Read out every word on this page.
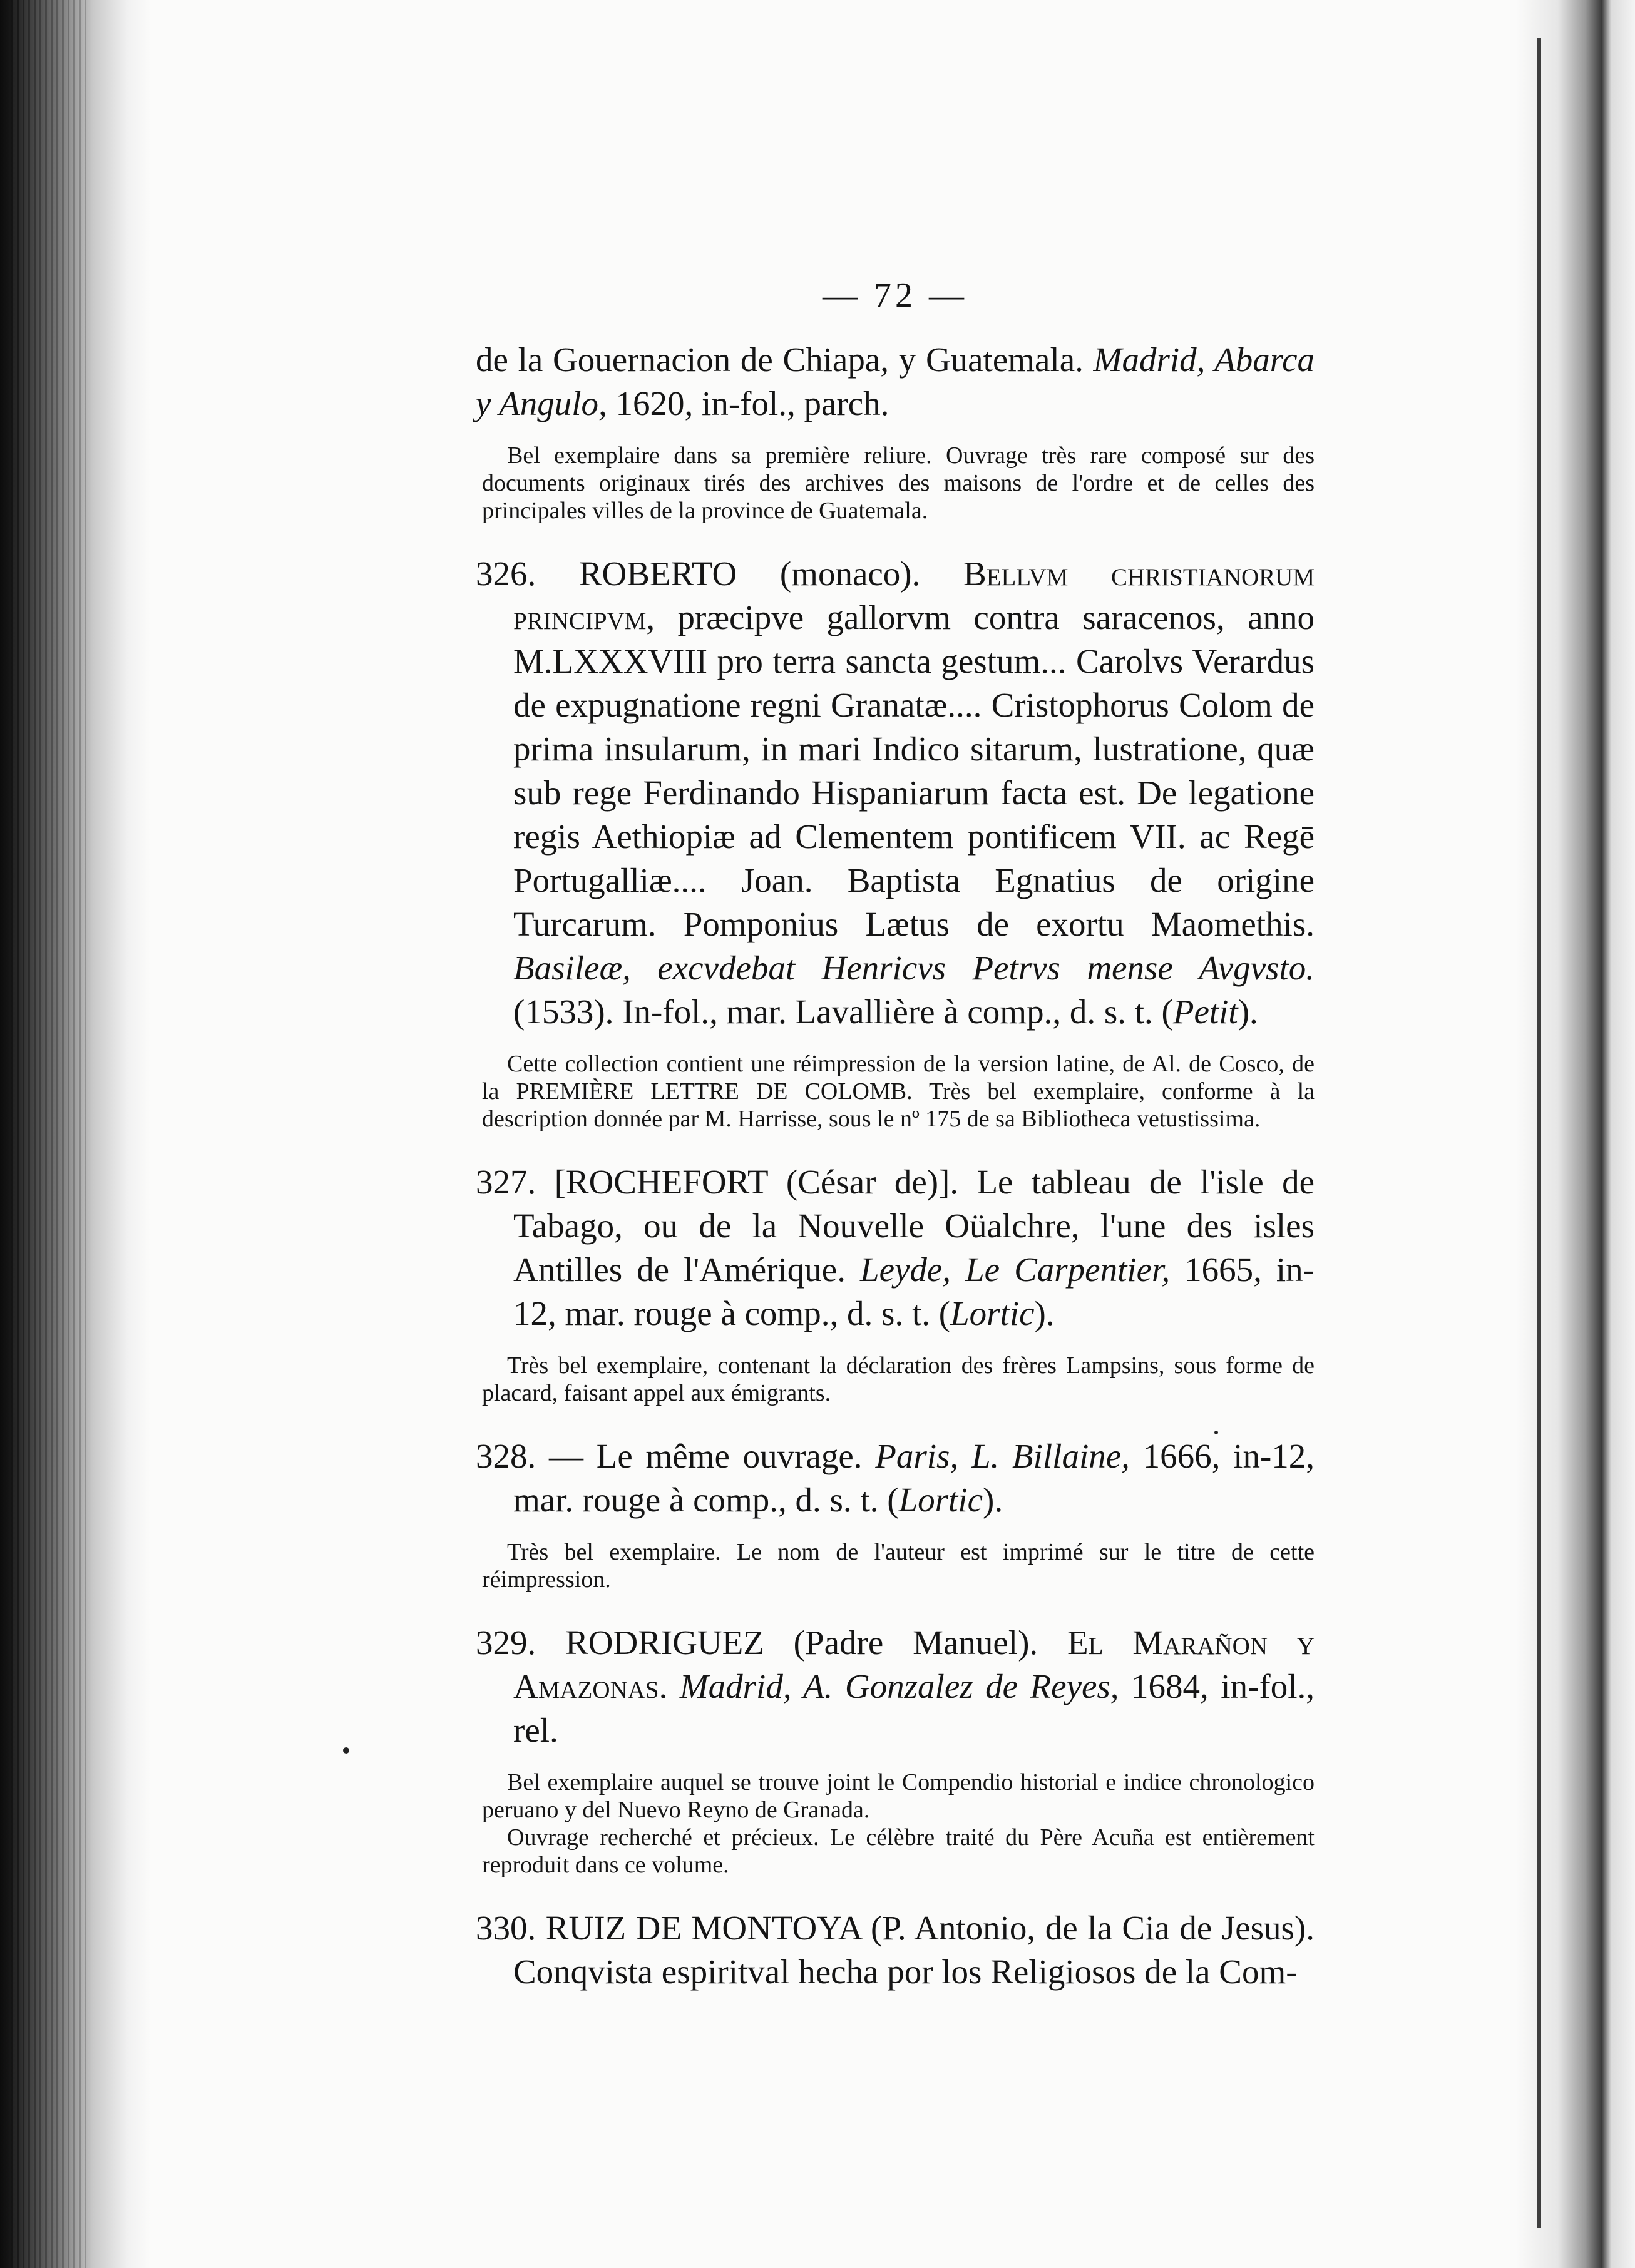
— 72 —
de la Gouernacion de Chiapa, y Guatemala. Madrid, Abarca y Angulo, 1620, in-fol., parch.

Bel exemplaire dans sa première reliure. Ouvrage très rare composé sur des documents originaux tirés des archives des maisons de l'ordre et de celles des principales villes de la province de Guatemala.

326. ROBERTO (monaco). Bellvm christianorum principvm, præcipve gallorvm contra saracenos, anno M.LXXXVIII pro terra sancta gestum... Carolvs Verardus de expugnatione regni Granatæ.... Cristophorus Colom de prima insularum, in mari Indico sitarum, lustratione, quæ sub rege Ferdinando Hispaniarum facta est. De legatione regis Aethiopiæ ad Clementem pontificem VII. ac Regē Portugalliæ.... Joan. Baptista Egnatius de origine Turcarum. Pomponius Lætus de exortu Maomethis. Basileæ, excvdebat Henricvs Petrvs mense Avgvsto. (1533). In-fol., mar. Lavallière à comp., d. s. t. (Petit).

Cette collection contient une réimpression de la version latine, de Al. de Cosco, de la PREMIÈRE LETTRE DE COLOMB. Très bel exemplaire, conforme à la description donnée par M. Harrisse, sous le nº 175 de sa Bibliotheca vetustissima.

327. [ROCHEFORT (César de)]. Le tableau de l'isle de Tabago, ou de la Nouvelle Oüalchre, l'une des isles Antilles de l'Amérique. Leyde, Le Carpentier, 1665, in-12, mar. rouge à comp., d. s. t. (Lortic).

Très bel exemplaire, contenant la déclaration des frères Lampsins, sous forme de placard, faisant appel aux émigrants.

328. — Le même ouvrage. Paris, L. Billaine, 1666, in-12, mar. rouge à comp., d. s. t. (Lortic).

Très bel exemplaire. Le nom de l'auteur est imprimé sur le titre de cette réimpression.

329. RODRIGUEZ (Padre Manuel). El Marañon y Amazonas. Madrid, A. Gonzalez de Reyes, 1684, in-fol., rel.

Bel exemplaire auquel se trouve joint le Compendio historial e indice chronologico peruano y del Nuevo Reyno de Granada.

Ouvrage recherché et précieux. Le célèbre traité du Père Acuña est entièrement reproduit dans ce volume.

330. RUIZ DE MONTOYA (P. Antonio, de la Cia de Jesus). Conqvista espiritval hecha por los Religiosos de la Com-
